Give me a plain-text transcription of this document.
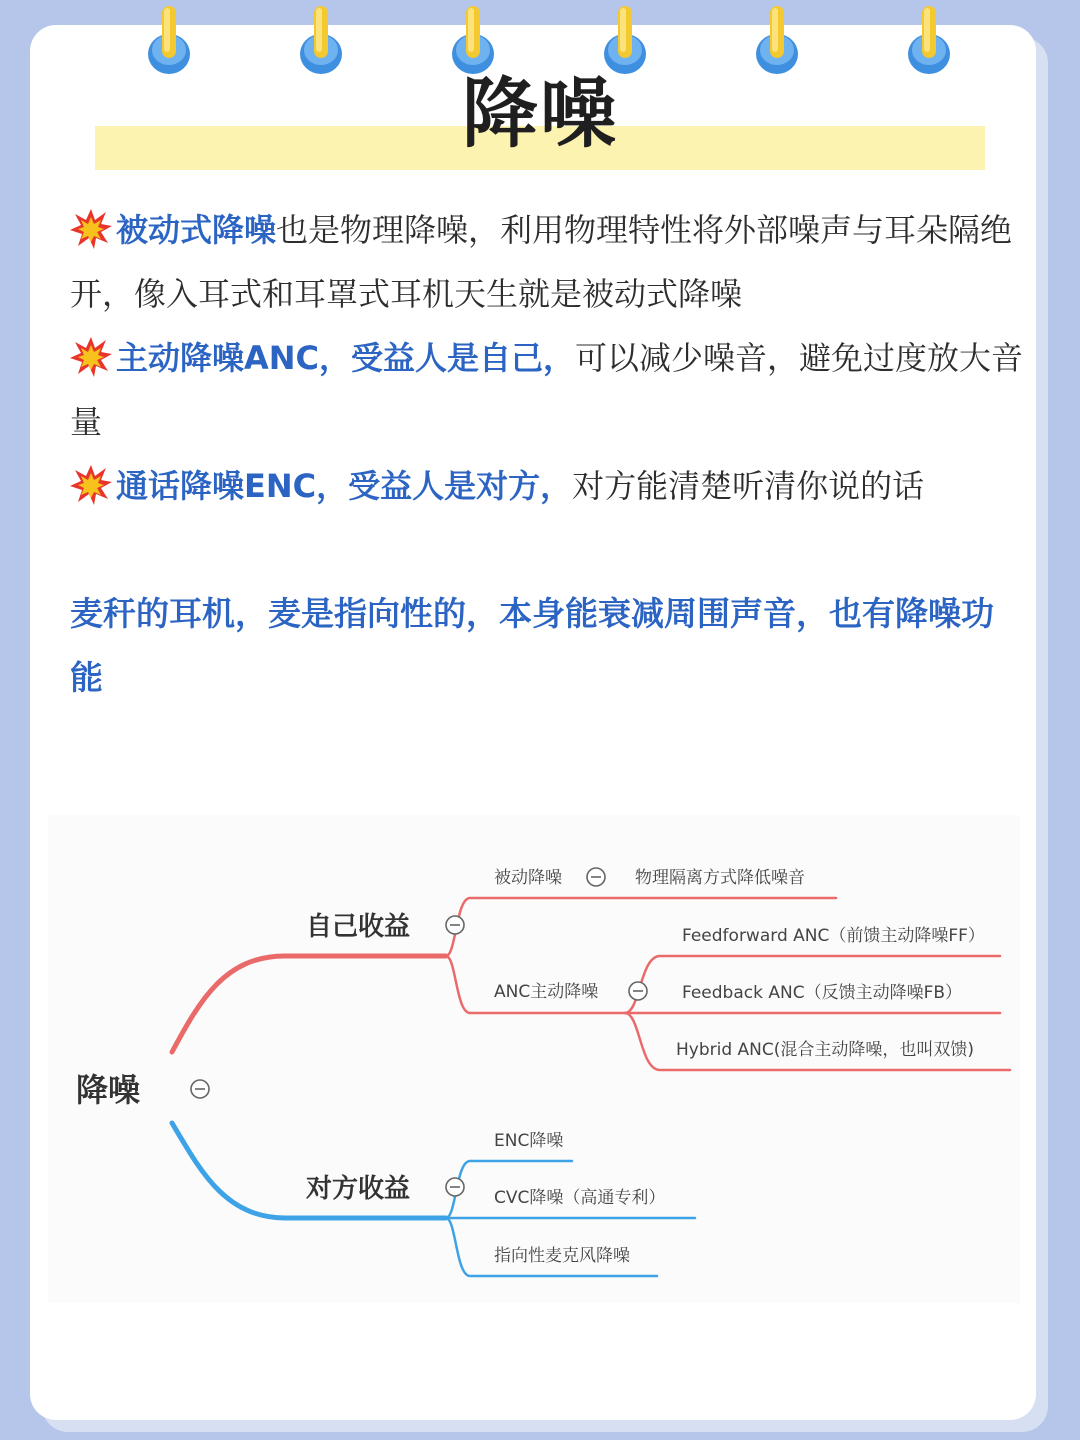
降噪
被动式降噪也是物理降噪，利用物理特性将外部噪声与耳朵隔绝开，像入耳式和耳罩式耳机天生就是被动式降噪
主动降噪ANC，受益人是自己，可以减少噪音，避免过度放大音量
通话降噪ENC，受益人是对方，对方能清楚听清你说的话
麦秆的耳机，麦是指向性的，本身能衰减周围声音，也有降噪功能
降噪
自己收益
对方收益
被动降噪	物理隔离方式降低噪音
ANC主动降噪
Feedforward ANC（前馈主动降噪FF）
Feedback ANC（反馈主动降噪FB）
Hybrid ANC(混合主动降噪，也叫双馈)
ENC降噪
CVC降噪（高通专利）
指向性麦克风降噪
